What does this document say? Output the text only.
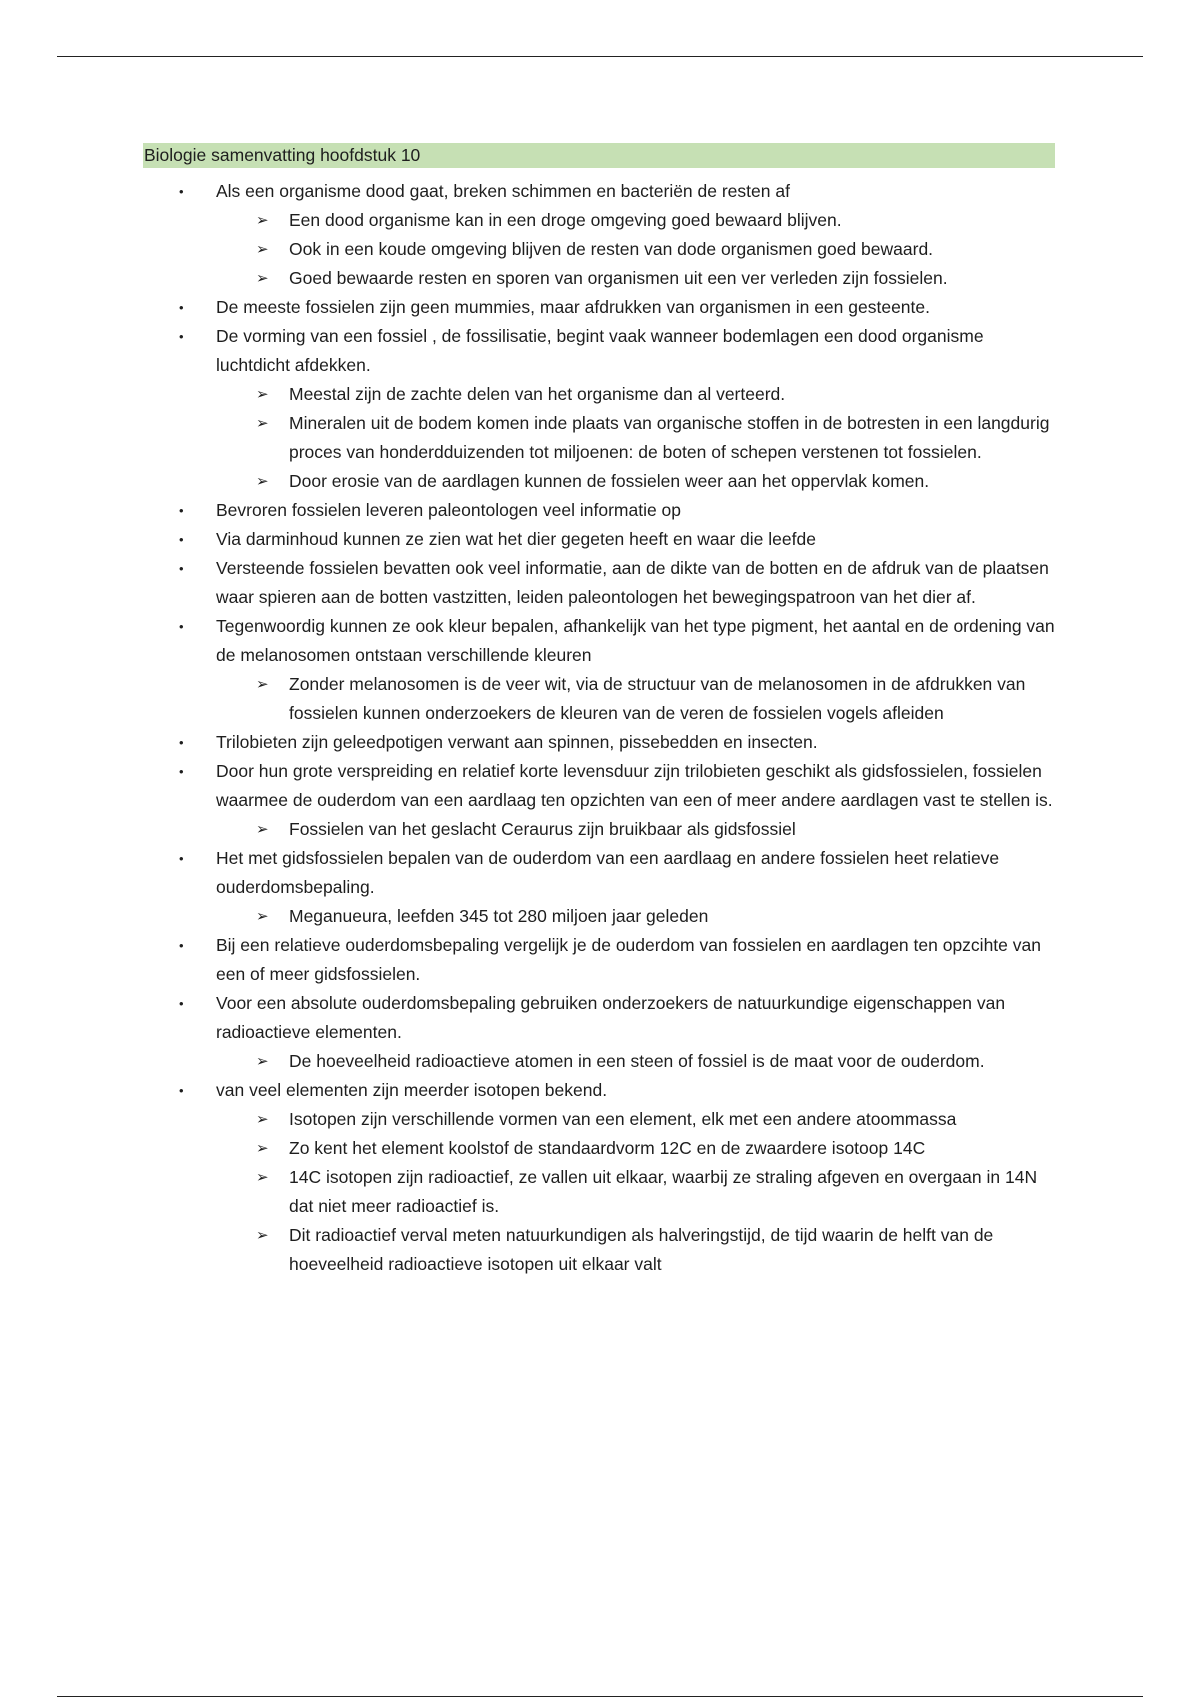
Biologie samenvatting hoofdstuk 10
• Als een organisme dood gaat, breken schimmen en bacteriën de resten af
➢ Een dood organisme kan in een droge omgeving goed bewaard blijven.
➢ Ook in een koude omgeving blijven de resten van dode organismen goed bewaard.
➢ Goed bewaarde resten en sporen van organismen uit een ver verleden zijn fossielen.
• De meeste fossielen zijn geen mummies, maar afdrukken van organismen in een gesteente.
• De vorming van een fossiel , de fossilisatie, begint vaak wanneer bodemlagen een dood organisme luchtdicht afdekken.
➢ Meestal zijn de zachte delen van het organisme dan al verteerd.
➢ Mineralen uit de bodem komen inde plaats van organische stoffen in de botresten in een langdurig proces van honderdduizenden tot miljoenen: de boten of schepen verstenen tot fossielen.
➢ Door erosie van de aardlagen kunnen de fossielen weer aan het oppervlak komen.
• Bevroren fossielen leveren paleontologen veel informatie op
• Via darminhoud kunnen ze zien wat het dier gegeten heeft en waar die leefde
• Versteende fossielen bevatten ook veel informatie, aan de dikte van de botten en de afdruk van de plaatsen waar spieren aan de botten vastzitten, leiden paleontologen het bewegingspatroon van het dier af.
• Tegenwoordig kunnen ze ook kleur bepalen, afhankelijk van het type pigment, het aantal en de ordening van de melanosomen ontstaan verschillende kleuren
➢ Zonder melanosomen is de veer wit, via de structuur van de melanosomen in de afdrukken van fossielen kunnen onderzoekers de kleuren van de veren de fossielen vogels afleiden
• Trilobieten zijn geleedpotigen verwant aan spinnen, pissebedden en insecten.
• Door hun grote verspreiding en relatief korte levensduur zijn trilobieten geschikt als gidsfossielen, fossielen waarmee de ouderdom van een aardlaag ten opzichten van een of meer andere aardlagen vast te stellen is.
➢ Fossielen van het geslacht Ceraurus zijn bruikbaar als gidsfossiel
• Het met gidsfossielen bepalen van de ouderdom van een aardlaag en andere fossielen heet relatieve ouderdomsbepaling.
➢ Meganueura, leefden 345 tot 280 miljoen jaar geleden
• Bij een relatieve ouderdomsbepaling vergelijk je de ouderdom van fossielen en aardlagen ten opzcihte van een of meer gidsfossielen.
• Voor een absolute ouderdomsbepaling gebruiken onderzoekers de natuurkundige eigenschappen van radioactieve elementen.
➢ De hoeveelheid radioactieve atomen in een steen of fossiel is de maat voor de ouderdom.
• van veel elementen zijn meerder isotopen bekend.
➢ Isotopen zijn verschillende vormen van een element, elk met een andere atoommassa
➢ Zo kent het element koolstof de standaardvorm 12C en de zwaardere isotoop 14C
➢ 14C isotopen zijn radioactief, ze vallen uit elkaar, waarbij ze straling afgeven en overgaan in 14N dat niet meer radioactief is.
➢ Dit radioactief verval meten natuurkundigen als halveringstijd, de tijd waarin de helft van de hoeveelheid radioactieve isotopen uit elkaar valt
